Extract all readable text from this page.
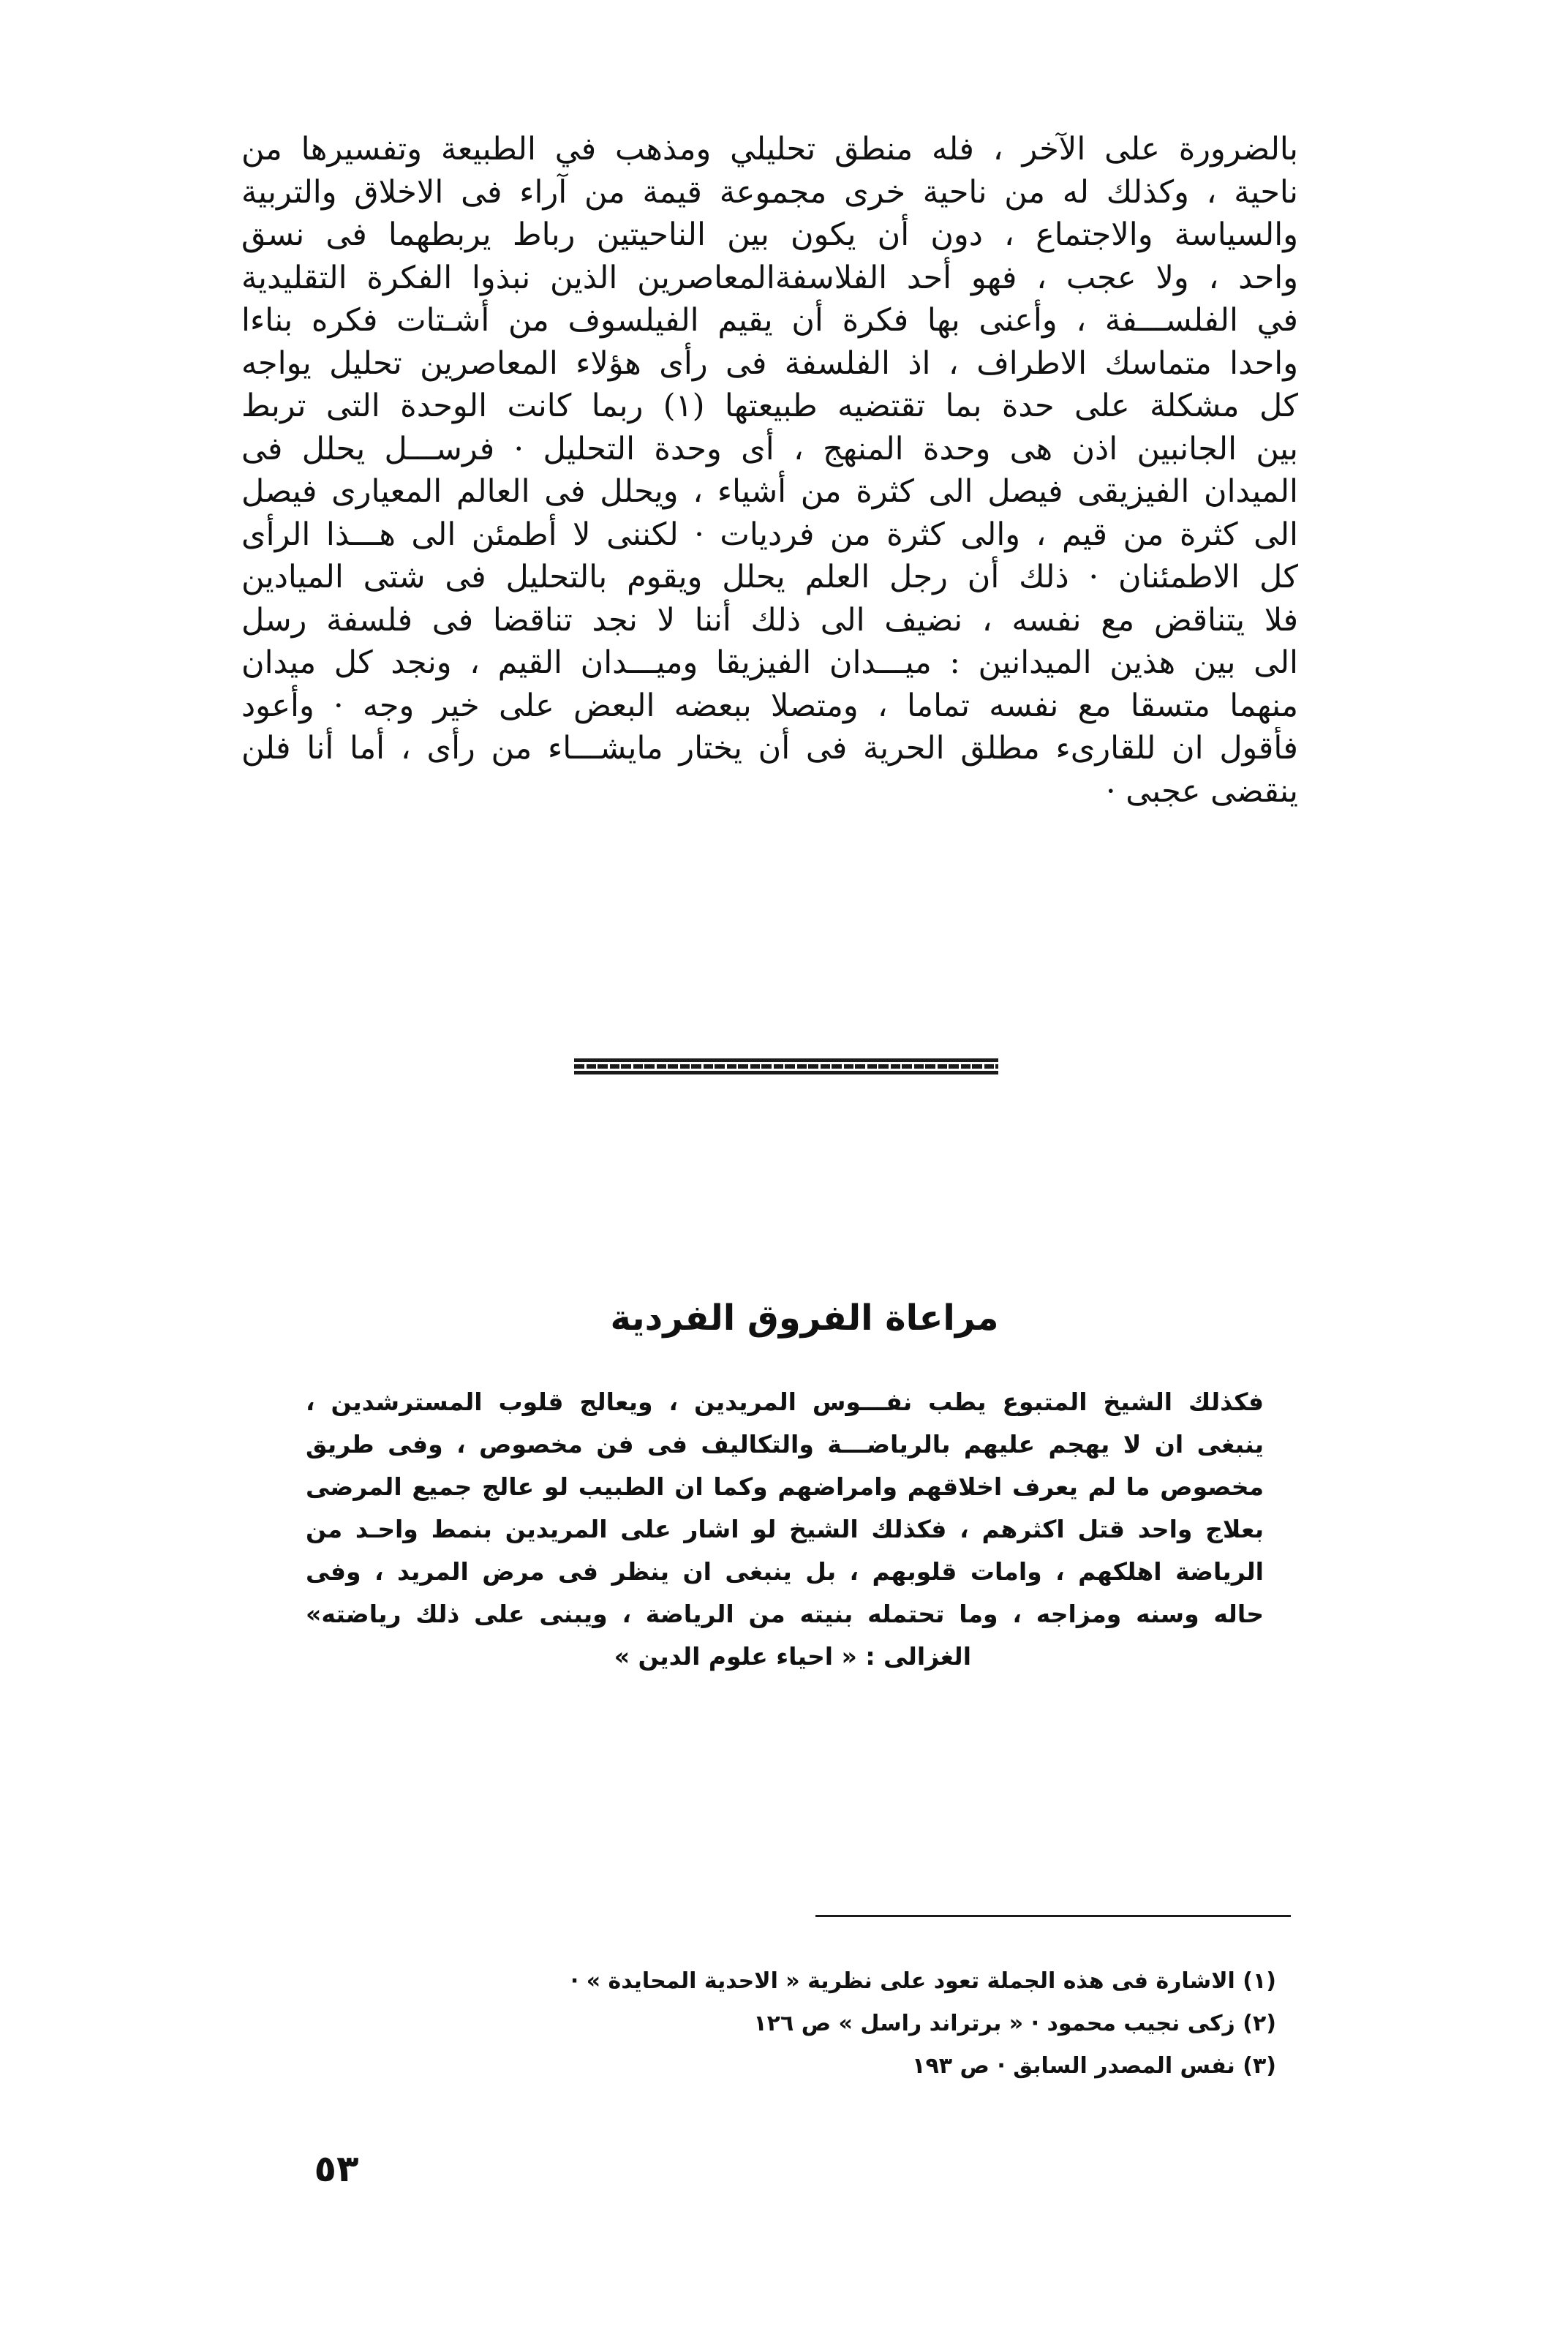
بالضرورة على الآخر ، فله منطق تحليلي ومذهب في الطبيعة وتفسيرها من
ناحية ، وكذلك له من ناحية خرى مجموعة قيمة من آراء فى الاخلاق والتربية
والسياسة والاجتماع ، دون أن يكون بين الناحيتين رباط يربطهما فى نسق
واحد ، ولا عجب ، فهو أحد الفلاسفةالمعاصرين الذين نبذوا الفكرة التقليدية
في الفلســـفة ، وأعنى بها فكرة أن يقيم الفيلسوف من أشـتات فكره بناءا
واحدا متماسك الاطراف ، اذ الفلسفة فى رأى هؤلاء المعاصرين تحليل يواجه
كل مشكلة على حدة بما تقتضيه طبيعتها (١) ربما كانت الوحدة التى تربط
بين الجانبين اذن هى وحدة المنهج ، أى وحدة التحليل · فرســـل يحلل فى
الميدان الفيزيقى فيصل الى كثرة من أشياء ، ويحلل فى العالم المعيارى فيصل
الى كثرة من قيم ، والى كثرة من فرديات · لكننى لا أطمئن الى هـــذا الرأى
كل الاطمئنان · ذلك أن رجل العلم يحلل ويقوم بالتحليل فى شتى الميادين
فلا يتناقض مع نفسه ، نضيف الى ذلك أننا لا نجد تناقضا فى فلسفة رسل
الى بين هذين الميدانين : ميـــدان الفيزيقا وميـــدان القيم ، ونجد كل ميدان
منهما متسقا مع نفسه تماما ، ومتصلا ببعضه البعض على خير وجه · وأعود
فأقول ان للقارىء مطلق الحرية فى أن يختار مايشـــاء من رأى ، أما أنا فلن
ينقضى عجبى ·
مراعاة الفروق الفردية
فكذلك الشيخ المتبوع يطب نفـــوس المريدين ، ويعالج قلوب المسترشدين ،
ينبغى ان لا يهجم عليهم بالرياضـــة والتكاليف فى فن مخصوص ، وفى طريق
مخصوص ما لم يعرف اخلاقهم وامراضهم وكما ان الطبيب لو عالج جميع المرضى
بعلاج واحد قتل اكثرهم ، فكذلك الشيخ لو اشار على المريدين بنمط واحـد من
الرياضة اهلكهم ، وامات قلوبهم ، بل ينبغى ان ينظر فى مرض المريد ، وفى
حاله وسنه ومزاجه ، وما تحتمله بنيته من الرياضة ، ويبنى على ذلك رياضته»
الغزالى : « احياء علوم الدين »
(١) الاشارة فى هذه الجملة تعود على نظرية « الاحدية المحايدة » ·
(٢) زكى نجيب محمود · « برتراند راسل » ص ١٢٦
(٣) نفس المصدر السابق · ص ١٩٣
٥٣
